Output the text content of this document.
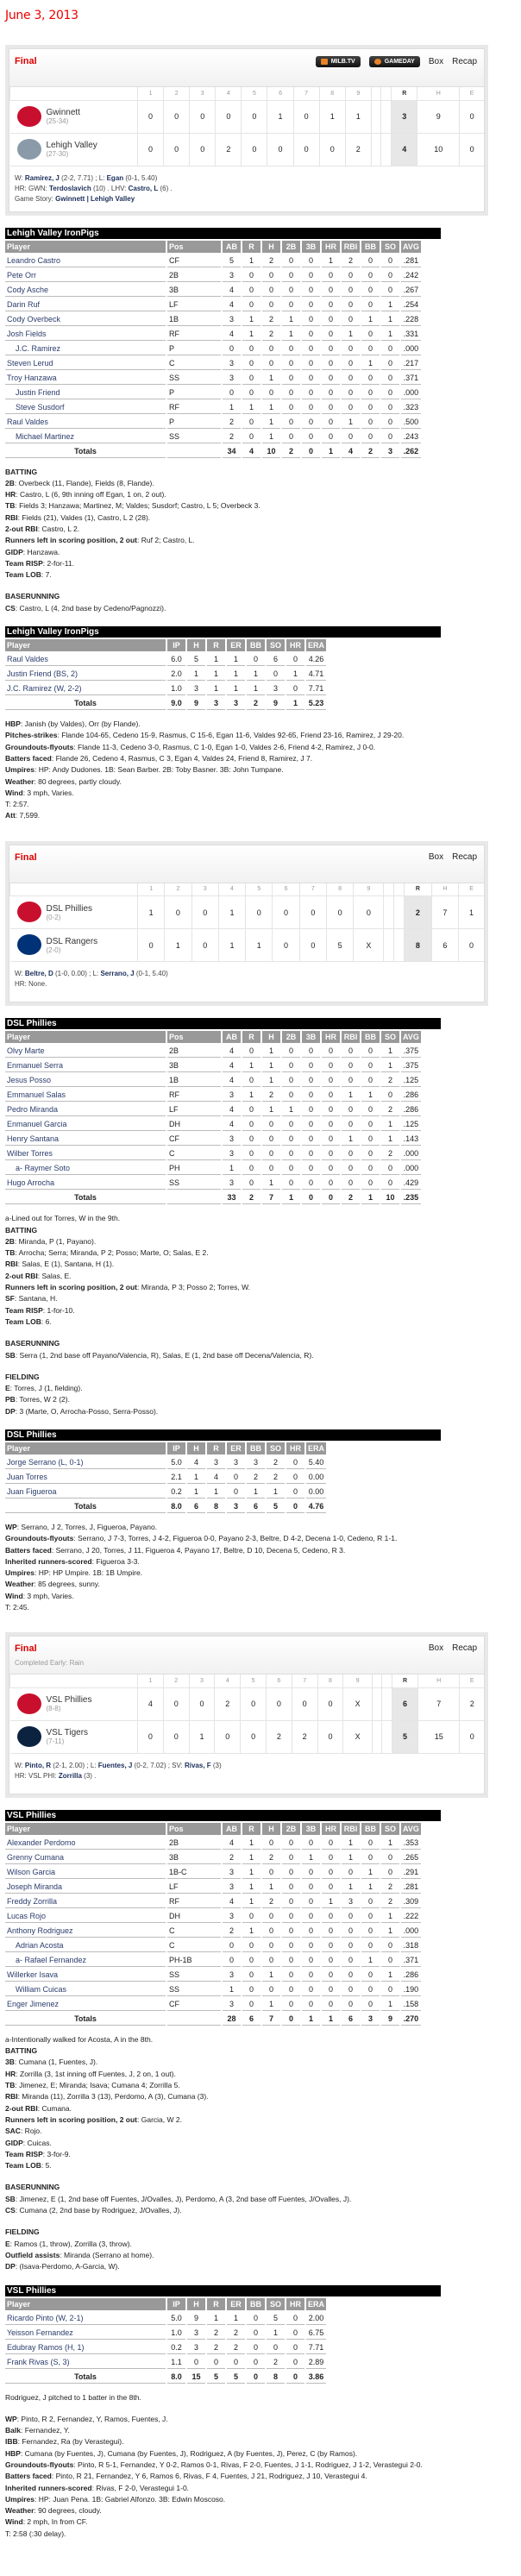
June 3, 2013
Final	MILB.TV	GAMEDAY Box Recap
	1	2	3	4	5	6	7	8	9			R	H	E

Gwinnett
(25-34)	0	0	0	0	0	1	0	1	1			3	9	0

Lehigh Valley
(27-30)	0	0	0	2	0	0	0	0	2			4	10	0
W: Ramirez, J (2-2, 7.71) ; L: Egan (0-1, 5.40)
HR: GWN: Terdoslavich (10) . LHV: Castro, L (6) .
Game Story: Gwinnett | Lehigh Valley
Lehigh Valley IronPigs
Player	Pos	AB	R	H	2B	3B	HR	RBI	BB	SO	AVG
Leandro Castro	CF	5	1	2	0	0	1	2	0	0	.281
Pete Orr	2B	3	0	0	0	0	0	0	0	0	.242
Cody Asche	3B	4	0	0	0	0	0	0	0	0	.267
Darin Ruf	LF	4	0	0	0	0	0	0	0	1	.254
Cody Overbeck	1B	3	1	2	1	0	0	0	1	1	.228
Josh Fields	RF	4	1	2	1	0	0	1	0	1	.331
J.C. Ramirez	P	0	0	0	0	0	0	0	0	0	.000
Steven Lerud	C	3	0	0	0	0	0	0	1	0	.217
Troy Hanzawa	SS	3	0	1	0	0	0	0	0	0	.371
Justin Friend	P	0	0	0	0	0	0	0	0	0	.000
Steve Susdorf	RF	1	1	1	0	0	0	0	0	0	.323
Raul Valdes	P	2	0	1	0	0	0	1	0	0	.500
Michael Martinez	SS	2	0	1	0	0	0	0	0	0	.243
Totals		34	4	10	2	0	1	4	2	3	.262
BATTING
2B: Overbeck (11, Flande), Fields (8, Flande).
HR: Castro, L (6, 9th inning off Egan, 1 on, 2 out).
TB: Fields 3; Hanzawa; Martinez, M; Valdes; Susdorf; Castro, L 5; Overbeck 3.
RBI: Fields (21), Valdes (1), Castro, L 2 (28).
2-out RBI: Castro, L 2.
Runners left in scoring position, 2 out: Ruf 2; Castro, L.
GIDP: Hanzawa.
Team RISP: 2-for-11.
Team LOB: 7.
BASERUNNING
CS: Castro, L (4, 2nd base by Cedeno/Pagnozzi).
Lehigh Valley IronPigs
Player	IP	H	R	ER	BB	SO	HR	ERA
Raul Valdes	6.0	5	1	1	0	6	0	4.26
Justin Friend (BS, 2)	2.0	1	1	1	1	0	1	4.71
J.C. Ramirez (W, 2-2)	1.0	3	1	1	1	3	0	7.71
Totals	9.0	9	3	3	2	9	1	5.23
HBP: Janish (by Valdes), Orr (by Flande).
Pitches-strikes: Flande 104-65, Cedeno 15-9, Rasmus, C 15-6, Egan 11-6, Valdes 92-65, Friend 23-16, Ramirez, J 29-20.
Groundouts-flyouts: Flande 11-3, Cedeno 3-0, Rasmus, C 1-0, Egan 1-0, Valdes 2-6, Friend 4-2, Ramirez, J 0-0.
Batters faced: Flande 26, Cedeno 4, Rasmus, C 3, Egan 4, Valdes 24, Friend 8, Ramirez, J 7.
Umpires: HP: Andy Dudones. 1B: Sean Barber. 2B: Toby Basner. 3B: John Tumpane.
Weather: 80 degrees, partly cloudy.
Wind: 3 mph, Varies.
T: 2:57.
Att: 7,599.
Final	Box Recap
	1	2	3	4	5	6	7	8	9			R	H	E

DSL Phillies
(0-2)	1	0	0	1	0	0	0	0	0			2	7	1

DSL Rangers
(2-0)	0	1	0	1	1	0	0	5	X			8	6	0
W: Beltre, D (1-0, 0.00) ; L: Serrano, J (0-1, 5.40)
HR: None.
DSL Phillies
Player	Pos	AB	R	H	2B	3B	HR	RBI	BB	SO	AVG
Olvy Marte	2B	4	0	1	0	0	0	0	0	1	.375
Enmanuel Serra	3B	4	1	1	0	0	0	0	0	1	.375
Jesus Posso	1B	4	0	1	0	0	0	0	0	2	.125
Emmanuel Salas	RF	3	1	2	0	0	0	1	1	0	.286
Pedro Miranda	LF	4	0	1	1	0	0	0	0	2	.286
Enmanuel Garcia	DH	4	0	0	0	0	0	0	0	1	.125
Henry Santana	CF	3	0	0	0	0	0	1	0	1	.143
Wilber Torres	C	3	0	0	0	0	0	0	0	2	.000
a- Raymer Soto	PH	1	0	0	0	0	0	0	0	0	.000
Hugo Arrocha	SS	3	0	1	0	0	0	0	0	0	.429
Totals		33	2	7	1	0	0	2	1	10	.235
a-Lined out for Torres, W in the 9th.
BATTING
2B: Miranda, P (1, Payano).
TB: Arrocha; Serra; Miranda, P 2; Posso; Marte, O; Salas, E 2.
RBI: Salas, E (1), Santana, H (1).
2-out RBI: Salas, E.
Runners left in scoring position, 2 out: Miranda, P 3; Posso 2; Torres, W.
SF: Santana, H.
Team RISP: 1-for-10.
Team LOB: 6.
BASERUNNING
SB: Serra (1, 2nd base off Payano/Valencia, R), Salas, E (1, 2nd base off Decena/Valencia, R).
FIELDING
E: Torres, J (1, fielding).
PB: Torres, W 2 (2).
DP: 3 (Marte, O, Arrocha-Posso, Serra-Posso).
DSL Phillies
Player	IP	H	R	ER	BB	SO	HR	ERA
Jorge Serrano (L, 0-1)	5.0	4	3	3	3	2	0	5.40
Juan Torres	2.1	1	4	0	2	2	0	0.00
Juan Figueroa	0.2	1	1	0	1	1	0	0.00
Totals	8.0	6	8	3	6	5	0	4.76
WP: Serrano, J 2, Torres, J, Figueroa, Payano.
Groundouts-flyouts: Serrano, J 7-3, Torres, J 4-2, Figueroa 0-0, Payano 2-3, Beltre, D 4-2, Decena 1-0, Cedeno, R 1-1.
Batters faced: Serrano, J 20, Torres, J 11, Figueroa 4, Payano 17, Beltre, D 10, Decena 5, Cedeno, R 3.
Inherited runners-scored: Figueroa 3-3.
Umpires: HP: HP Umpire. 1B: 1B Umpire.
Weather: 85 degrees, sunny.
Wind: 3 mph, Varies.
T: 2:45.
Final
Completed Early: Rain
Box Recap
	1	2	3	4	5	6	7	8	9			R	H	E

VSL Phillies
(8-8)	4	0	0	2	0	0	0	0	X			6	7	2

VSL Tigers
(7-11)	0	0	1	0	0	2	2	0	X			5	15	0
W: Pinto, R (2-1, 2.00) ; L: Fuentes, J (0-2, 7.02) ; SV: Rivas, F (3)
HR: VSL PHI: Zorrilla (3) .
VSL Phillies
Player	Pos	AB	R	H	2B	3B	HR	RBI	BB	SO	AVG
Alexander Perdomo	2B	4	1	0	0	0	0	1	0	1	.353
Grenny Cumana	3B	2	1	2	0	1	0	1	0	0	.265
Wilson Garcia	1B-C	3	1	0	0	0	0	0	1	0	.291
Joseph Miranda	LF	3	1	1	0	0	0	1	1	2	.281
Freddy Zorrilla	RF	4	1	2	0	0	1	3	0	2	.309
Lucas Rojo	DH	3	0	0	0	0	0	0	0	1	.222
Anthony Rodriguez	C	2	1	0	0	0	0	0	0	1	.000
Adrian Acosta	C	0	0	0	0	0	0	0	0	0	.318
a- Rafael Fernandez	PH-1B	0	0	0	0	0	0	0	1	0	.371
Willerker Isava	SS	3	0	1	0	0	0	0	0	1	.286
William Cuicas	SS	1	0	0	0	0	0	0	0	0	.190
Enger Jimenez	CF	3	0	1	0	0	0	0	0	1	.158
Totals		28	6	7	0	1	1	6	3	9	.270
a-Intentionally walked for Acosta, A in the 8th.
BATTING
3B: Cumana (1, Fuentes, J).
HR: Zorrilla (3, 1st inning off Fuentes, J, 2 on, 1 out).
TB: Jimenez, E; Miranda; Isava; Cumana 4; Zorrilla 5.
RBI: Miranda (11), Zorrilla 3 (13), Perdomo, A (3), Cumana (3).
2-out RBI: Cumana.
Runners left in scoring position, 2 out: Garcia, W 2.
SAC: Rojo.
GIDP: Cuicas.
Team RISP: 3-for-9.
Team LOB: 5.
BASERUNNING
SB: Jimenez, E (1, 2nd base off Fuentes, J/Ovalles, J), Perdomo, A (3, 2nd base off Fuentes, J/Ovalles, J).
CS: Cumana (2, 2nd base by Rodriguez, J/Ovalles, J).
FIELDING
E: Ramos (1, throw), Zorrilla (3, throw).
Outfield assists: Miranda (Serrano at home).
DP: (Isava-Perdomo, A-Garcia, W).
VSL Phillies
Player	IP	H	R	ER	BB	SO	HR	ERA
Ricardo Pinto (W, 2-1)	5.0	9	1	1	0	5	0	2.00
Yeisson Fernandez	1.0	3	2	2	0	1	0	6.75
Edubray Ramos (H, 1)	0.2	3	2	2	0	0	0	7.71
Frank Rivas (S, 3)	1.1	0	0	0	0	2	0	2.89
Totals	8.0	15	5	5	0	8	0	3.86
Rodriguez, J pitched to 1 batter in the 8th.
WP: Pinto, R 2, Fernandez, Y, Ramos, Fuentes, J.
Balk: Fernandez, Y.
IBB: Fernandez, Ra (by Verastegui).
HBP: Cumana (by Fuentes, J), Cumana (by Fuentes, J), Rodriguez, A (by Fuentes, J), Perez, C (by Ramos).
Groundouts-flyouts: Pinto, R 5-1, Fernandez, Y 0-2, Ramos 0-1, Rivas, F 2-0, Fuentes, J 1-1, Rodriguez, J 1-2, Verastegui 2-0.
Batters faced: Pinto, R 21, Fernandez, Y 6, Ramos 6, Rivas, F 4, Fuentes, J 21, Rodriguez, J 10, Verastegui 4.
Inherited runners-scored: Rivas, F 2-0, Verastegui 1-0.
Umpires: HP: Juan Pena. 1B: Gabriel Alfonzo. 3B: Edwin Moscoso.
Weather: 90 degrees, cloudy.
Wind: 2 mph, In from CF.
T: 2:58 (:30 delay).
